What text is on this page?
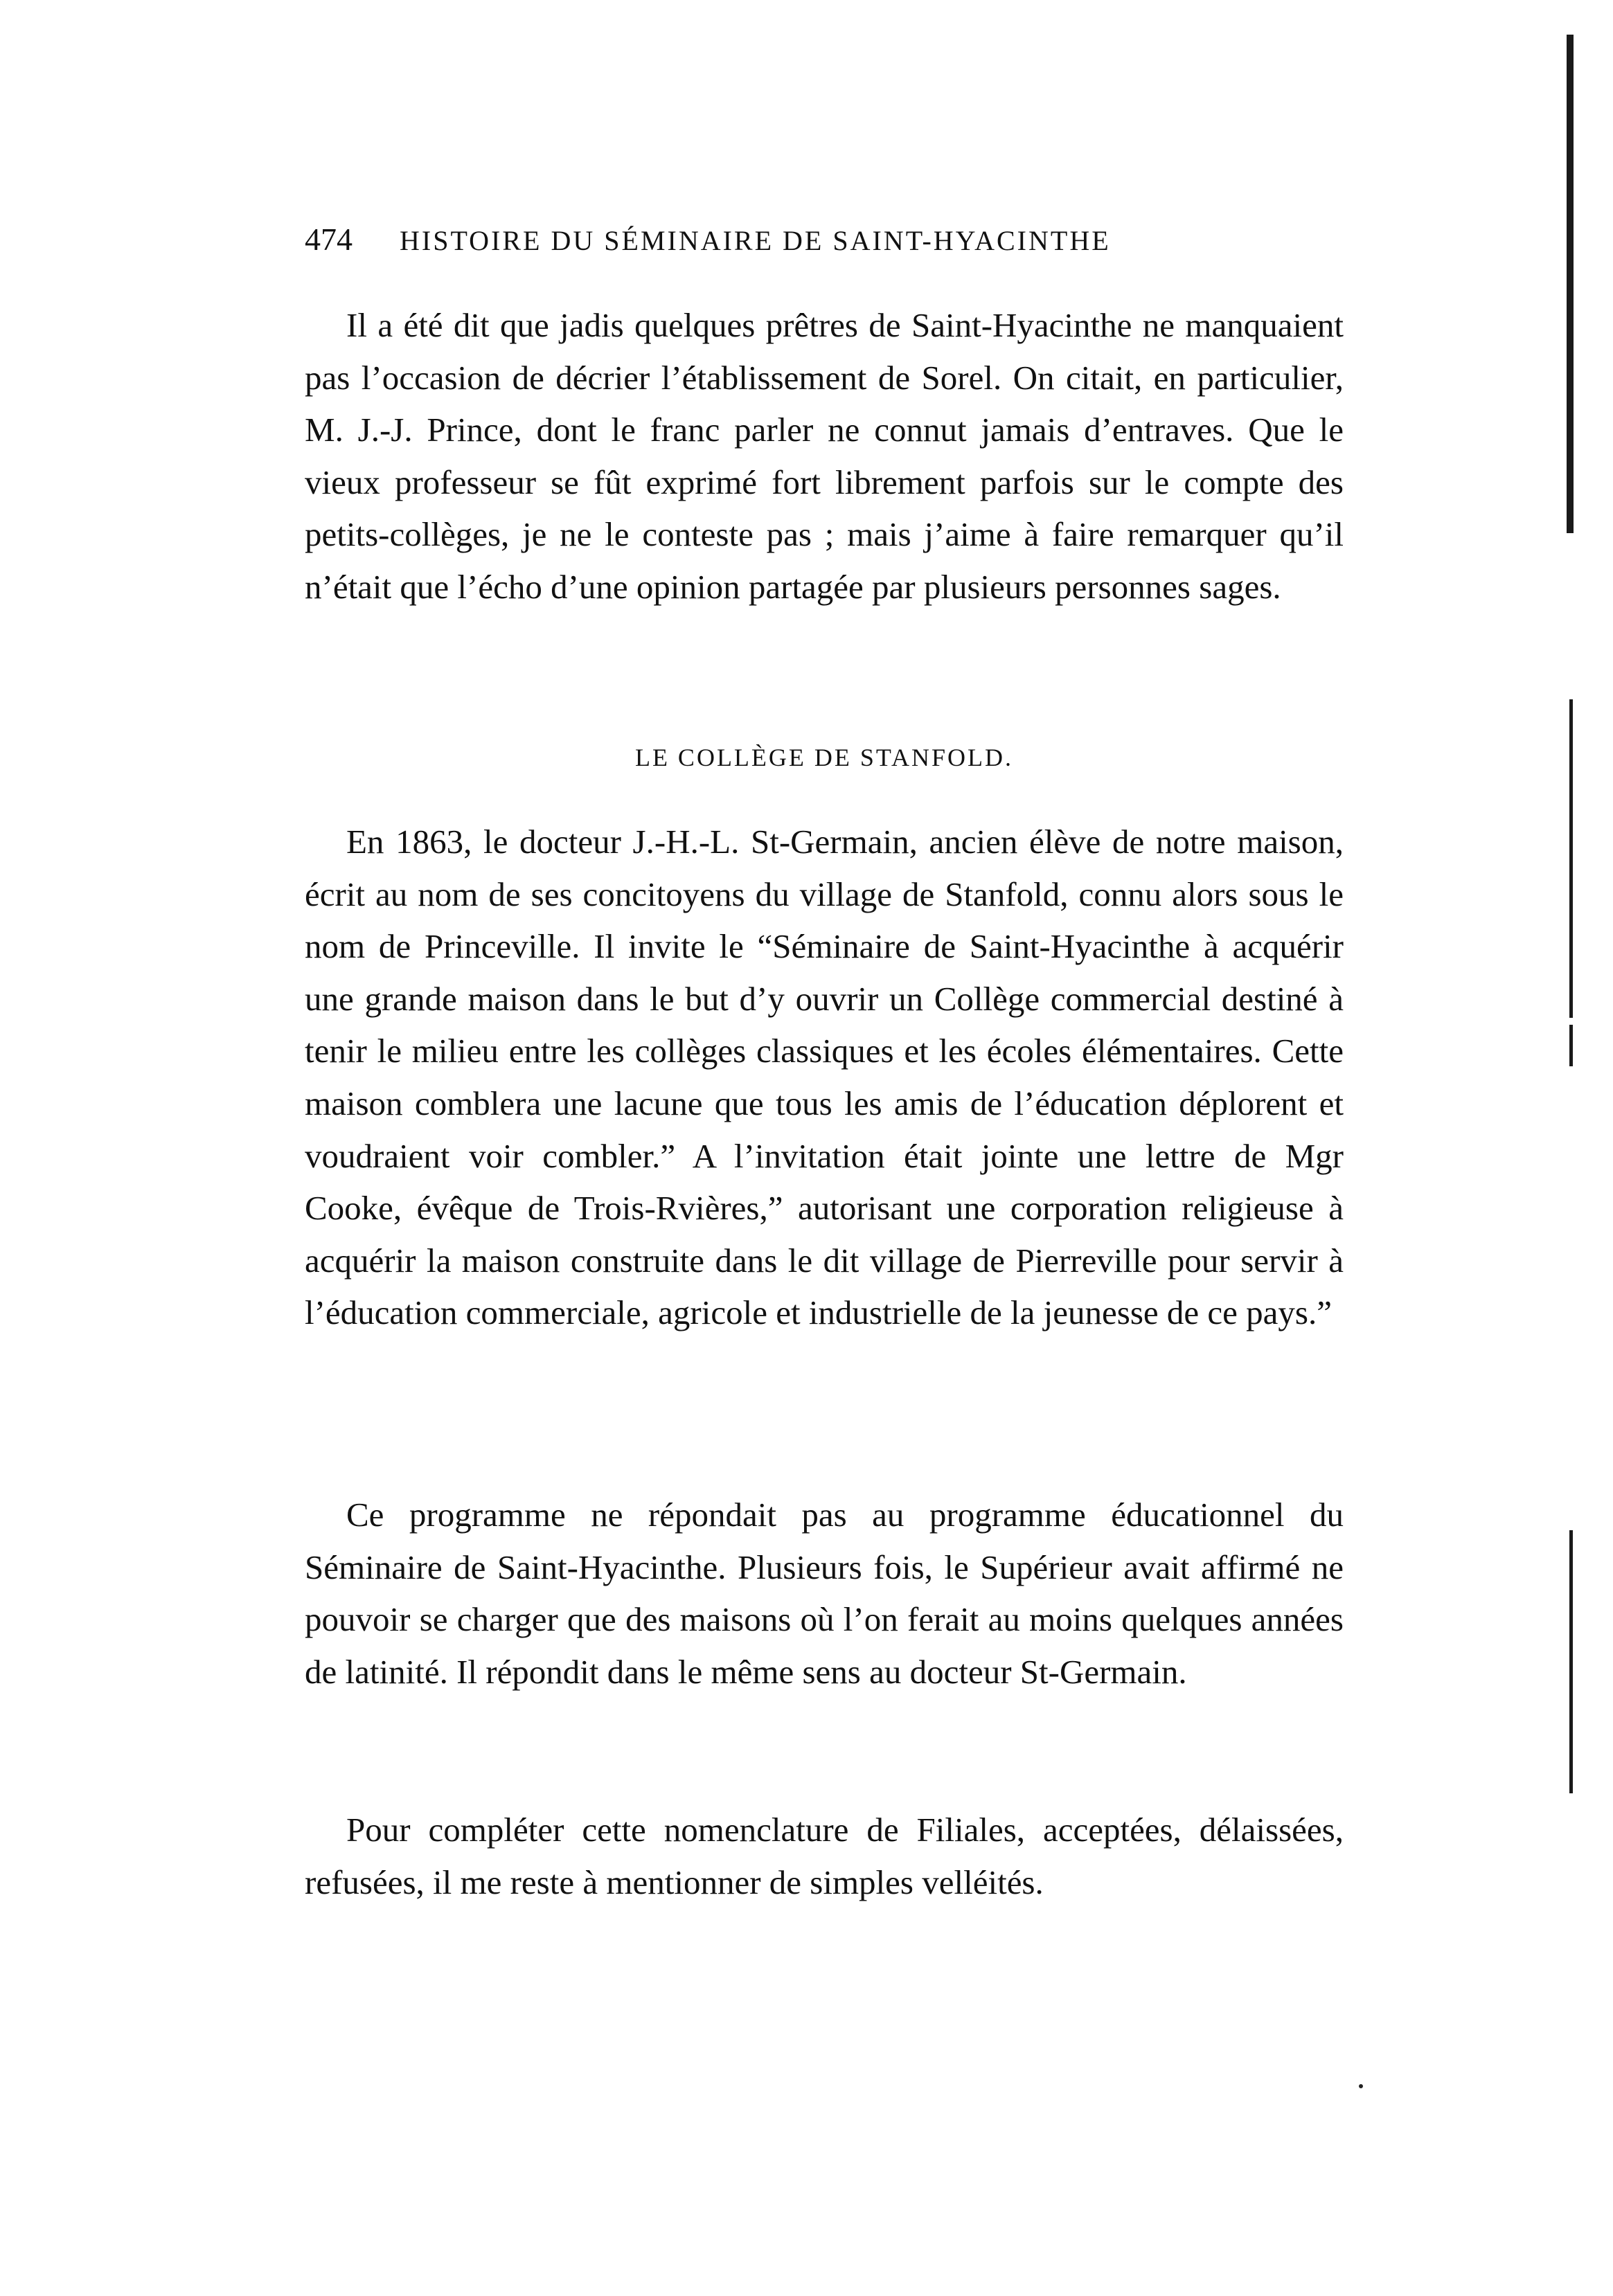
474 HISTOIRE DU SÉMINAIRE DE SAINT-HYACINTHE

Il a été dit que jadis quelques prêtres de Saint-Hyacinthe ne manquaient pas l’occasion de décrier l’établissement de Sorel. On citait, en particulier, M. J.-J. Prince, dont le franc parler ne connut jamais d’entraves. Que le vieux professeur se fût exprimé fort librement parfois sur le compte des petits-collèges, je ne le conteste pas ; mais j’aime à faire remarquer qu’il n’était que l’écho d’une opinion partagée par plusieurs personnes sages.

LE COLLÈGE DE STANFOLD.

En 1863, le docteur J.-H.-L. St-Germain, ancien élève de notre maison, écrit au nom de ses concitoyens du village de Stanfold, connu alors sous le nom de Princeville. Il invite le “Séminaire de Saint-Hyacinthe à acquérir une grande maison dans le but d’y ouvrir un Collège commercial destiné à tenir le milieu entre les collèges classiques et les écoles élémentaires. Cette maison comblera une lacune que tous les amis de l’éducation déplorent et voudraient voir combler.” A l’invitation était jointe une lettre de Mgr Cooke, évêque de Trois-Rvières,” autorisant une corporation religieuse à acquérir la maison construite dans le dit village de Pierreville pour servir à l’éducation commerciale, agricole et industrielle de la jeunesse de ce pays.”

Ce programme ne répondait pas au programme éducationnel du Séminaire de Saint-Hyacinthe. Plusieurs fois, le Supérieur avait affirmé ne pouvoir se charger que des maisons où l’on ferait au moins quelques années de latinité. Il répondit dans le même sens au docteur St-Germain.

Pour compléter cette nomenclature de Filiales, acceptées, délaissées, refusées, il me reste à mentionner de simples velléités.
